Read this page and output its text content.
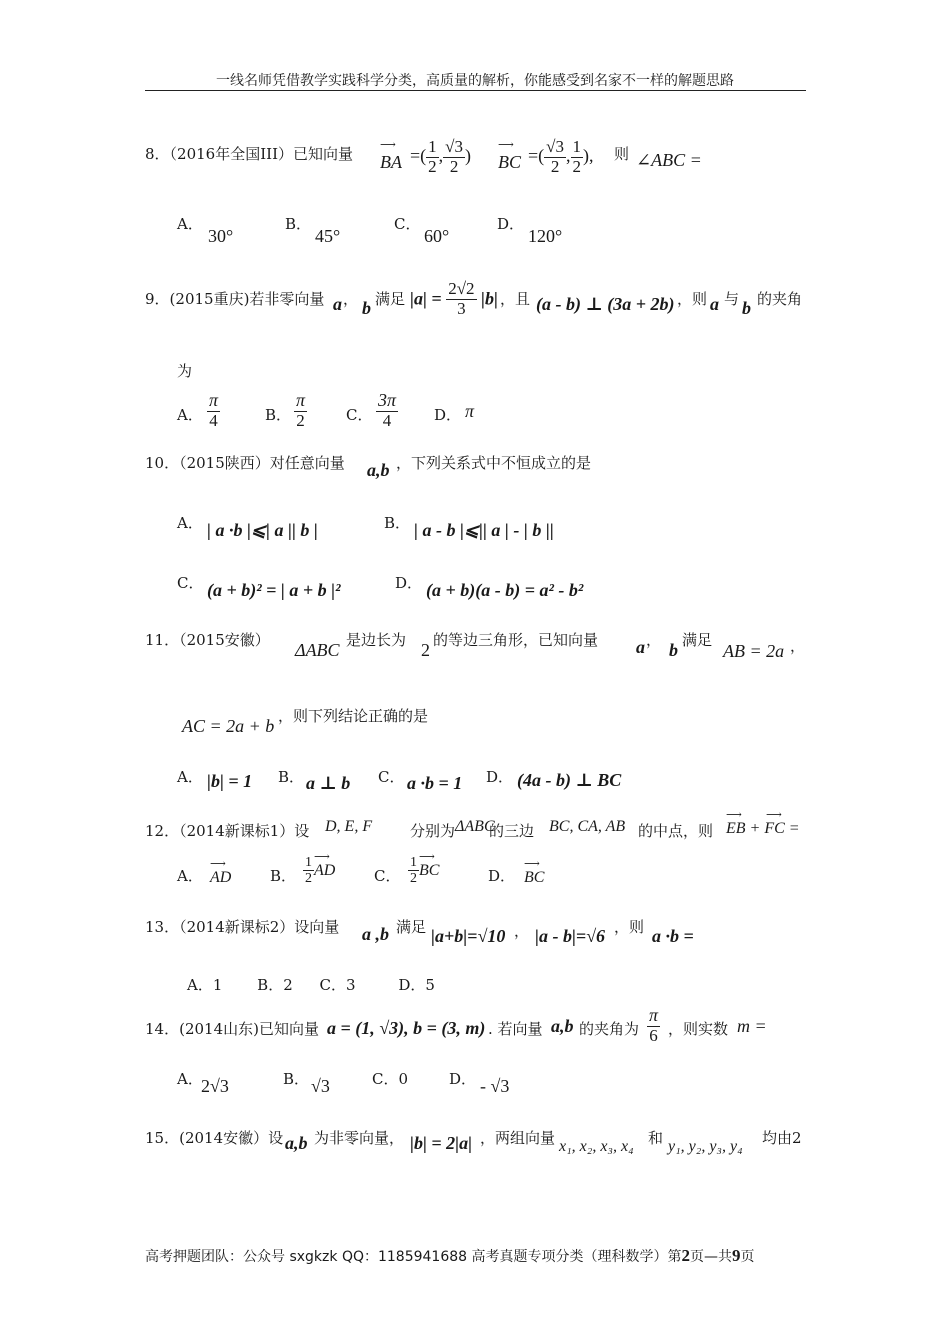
一线名师凭借教学实践科学分类，高质量的解析，你能感受到名家不一样的解题思路
8．（2016年全国III）已知向量 ⟶
BA =( $\frac{1}{2}$ , $\frac{√3}{2}$ )
⟶
BC =( $\frac{√3}{2}$ , $\frac{1}{2}$ ), 则 ∠ABC =
A．
30°
B．
45°
C．
60°
D．
120°
9．(2015重庆)若非零向量 a ， b 满足 $|a| = \frac{2√2}{3} |b|$ ，且 (a - b) ⊥ (3a + 2b) ，则 a 与 b 的夹角
为
A． $\frac{\pi}{4}$	B． $\frac{\pi}{2}$	C． $\frac{3\pi}{4}$ D． π
10．（2015陕西）对任意向量 a,b ，下列关系式中不恒成立的是
A． | a ·b |⩽| a || b |	B． | a - b |⩽|| a | - | b ||
C． (a + b)² = | a + b |²	D． (a + b)(a - b) = a² - b²
11．（2015安徽） ΔABC 是边长为 2 的等边三角形，已知向量 a ， b 满足
AB = 2a ，
AC = 2a + b ，则下列结论正确的是
A． |b| = 1 B． a ⊥ b C． a ·b = 1 D． (4a - b) ⊥ BC
12．（2014新课标1）设 D, E, F	分别为 ΔABC
的三边 BC, CA, AB 的中点，则
⟶ ⟶
EB + FC =
A．
⟶
AD	B． $\frac{1}{2}$ ⟶
AD	C． $\frac{1}{2}$ ⟶
BC	D．
⟶
BC
13．（2014新课标2）设向量 a ,b 满足 |a+b|=√10 ， |a - b|=√6 ，则 a ·b =
A．1 B．2 C．3	D．5
14．(2014山东)已知向量 a = (1, √3), b = (3, m) . 若向量 a,b 的夹角为 $\frac{\pi}{6}$ ，则实数 m =
A．
2√3	B． √3	C．0	D． - √3
15．(2014安徽）设 a,b 为非零向量， |b| = 2|a| ，两组向量 x₁, x₂, x₃, x₄ 和 y₁, y₂, y₃, y₄ 均由2
高考押题团队：公众号 sxgkzk QQ：1185941688 高考真题专项分类（理科数学）第2页—共9页
